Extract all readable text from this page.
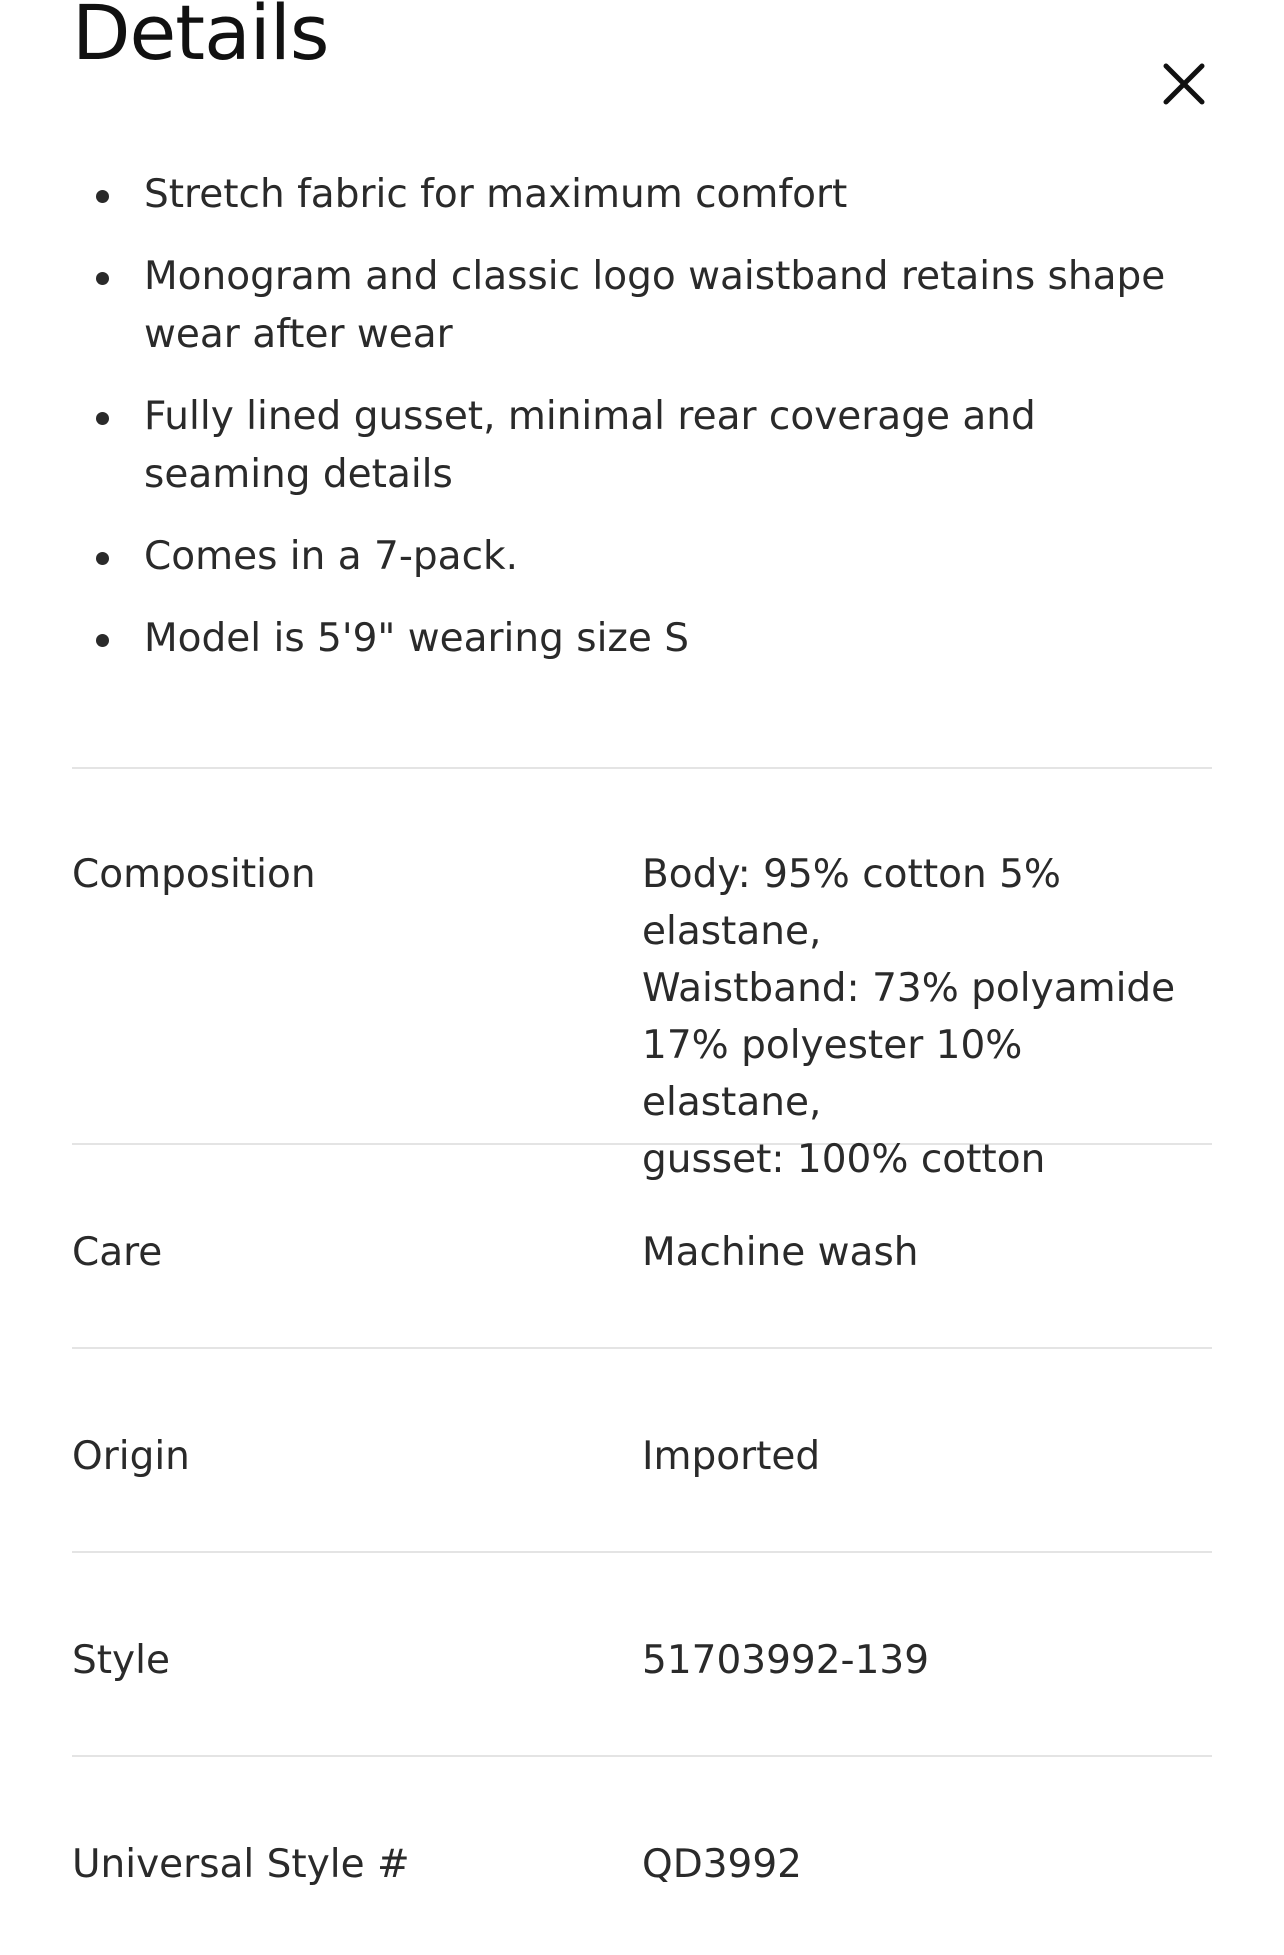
Details
Stretch fabric for maximum comfort
Monogram and classic logo waistband retains shape wear after wear
Fully lined gusset, minimal rear coverage and seaming details
Comes in a 7-pack.
Model is 5'9" wearing size S
Composition	Body: 95% cotton 5% elastane,
Waistband: 73% polyamide
17% polyester 10% elastane,
gusset: 100% cotton
Care	Machine wash
Origin	Imported
Style	51703992-139
Universal Style #	QD3992
